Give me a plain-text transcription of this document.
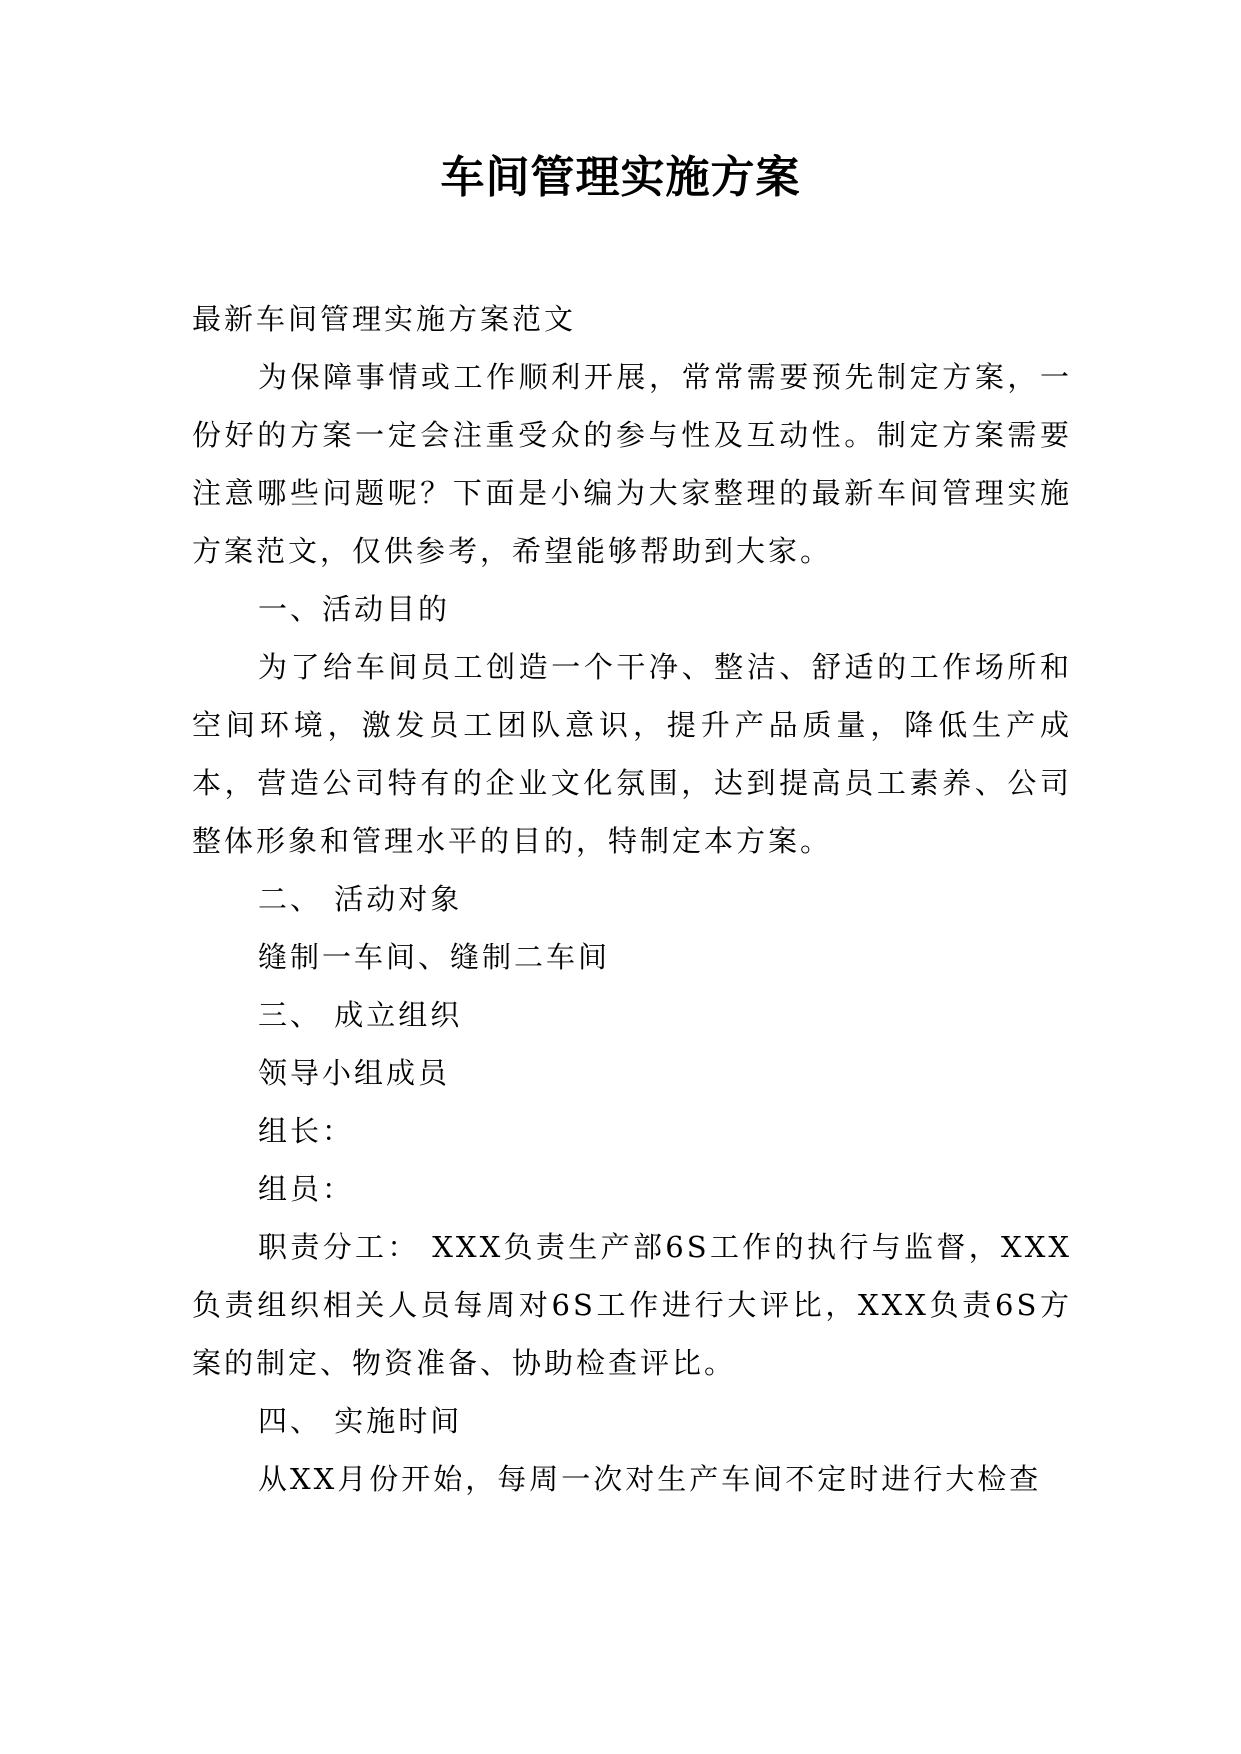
车间管理实施方案

最新车间管理实施方案范文

为保障事情或工作顺利开展，常常需要预先制定方案，一份好的方案一定会注重受众的参与性及互动性。制定方案需要注意哪些问题呢？下面是小编为大家整理的最新车间管理实施方案范文，仅供参考，希望能够帮助到大家。

一、活动目的

为了给车间员工创造一个干净、整洁、舒适的工作场所和空间环境，激发员工团队意识，提升产品质量，降低生产成本，营造公司特有的企业文化氛围，达到提高员工素养、公司整体形象和管理水平的目的，特制定本方案。

二、 活动对象

缝制一车间、缝制二车间

三、 成立组织

领导小组成员

组长：

组员：

职责分工： XXX负责生产部6S工作的执行与监督，XXX负责组织相关人员每周对6S工作进行大评比，XXX负责6S方案的制定、物资准备、协助检查评比。

四、 实施时间

从XX月份开始，每周一次对生产车间不定时进行大检查
